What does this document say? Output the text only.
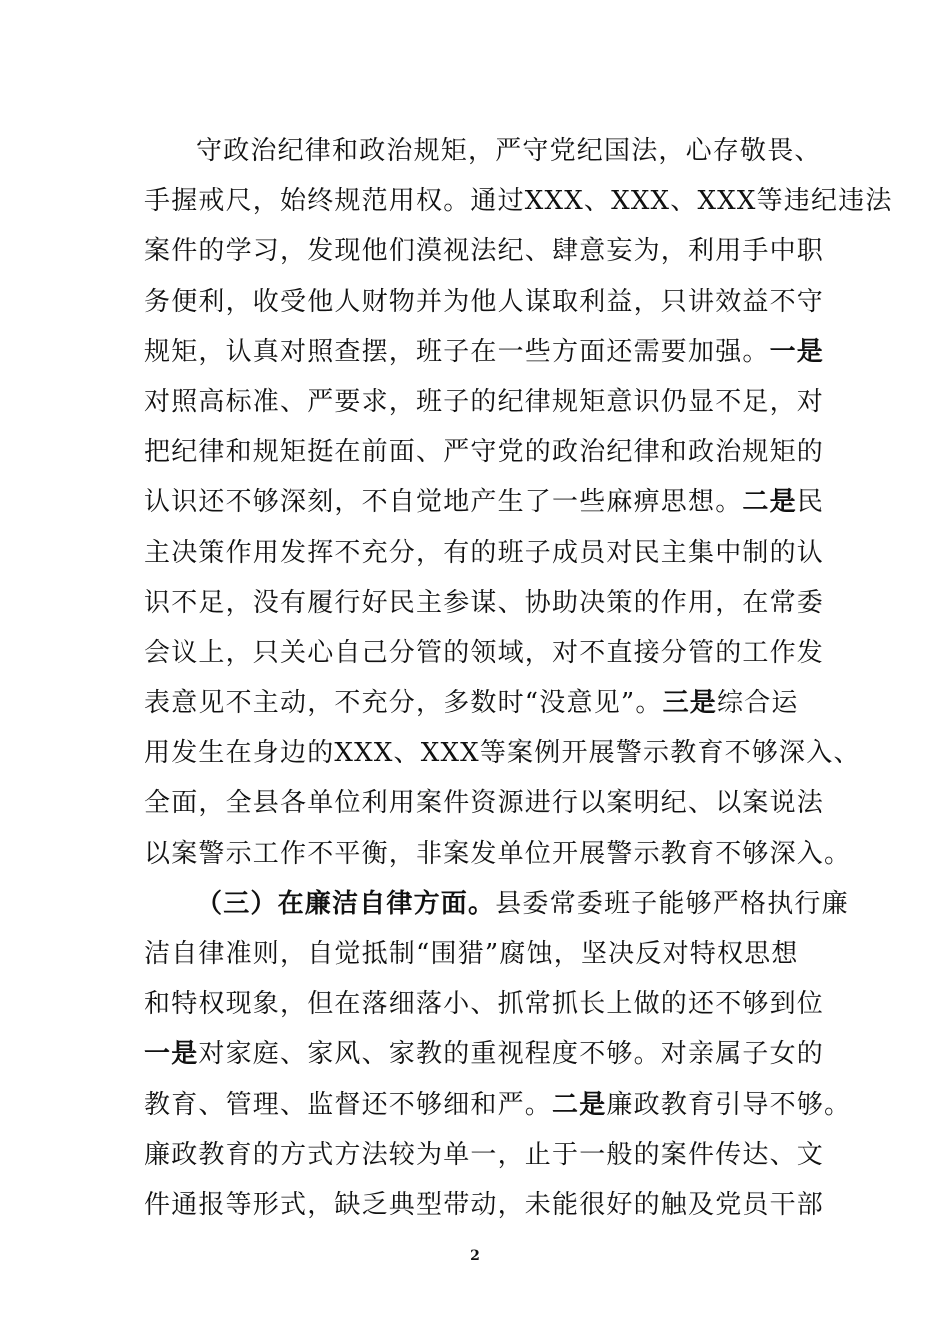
守政治纪律和政治规矩，严守党纪国法，心存敬畏、
手握戒尺，始终规范用权。通过XXX、XXX、XXX等违纪违法
案件的学习，发现他们漠视法纪、肆意妄为，利用手中职
务便利，收受他人财物并为他人谋取利益，只讲效益不守
规矩，认真对照查摆，班子在一些方面还需要加强。一是
对照高标准、严要求，班子的纪律规矩意识仍显不足，对
把纪律和规矩挺在前面、严守党的政治纪律和政治规矩的
认识还不够深刻，不自觉地产生了一些麻痹思想。二是民
主决策作用发挥不充分，有的班子成员对民主集中制的认
识不足，没有履行好民主参谋、协助决策的作用，在常委
会议上，只关心自己分管的领域，对不直接分管的工作发
表意见不主动，不充分，多数时“没意见”。三是综合运
用发生在身边的XXX、XXX等案例开展警示教育不够深入、
全面，全县各单位利用案件资源进行以案明纪、以案说法
以案警示工作不平衡，非案发单位开展警示教育不够深入。
（三）在廉洁自律方面。县委常委班子能够严格执行廉
洁自律准则，自觉抵制“围猎”腐蚀，坚决反对特权思想
和特权现象，但在落细落小、抓常抓长上做的还不够到位
一是对家庭、家风、家教的重视程度不够。对亲属子女的
教育、管理、监督还不够细和严。二是廉政教育引导不够。
廉政教育的方式方法较为单一，止于一般的案件传达、文
件通报等形式，缺乏典型带动，未能很好的触及党员干部
2
